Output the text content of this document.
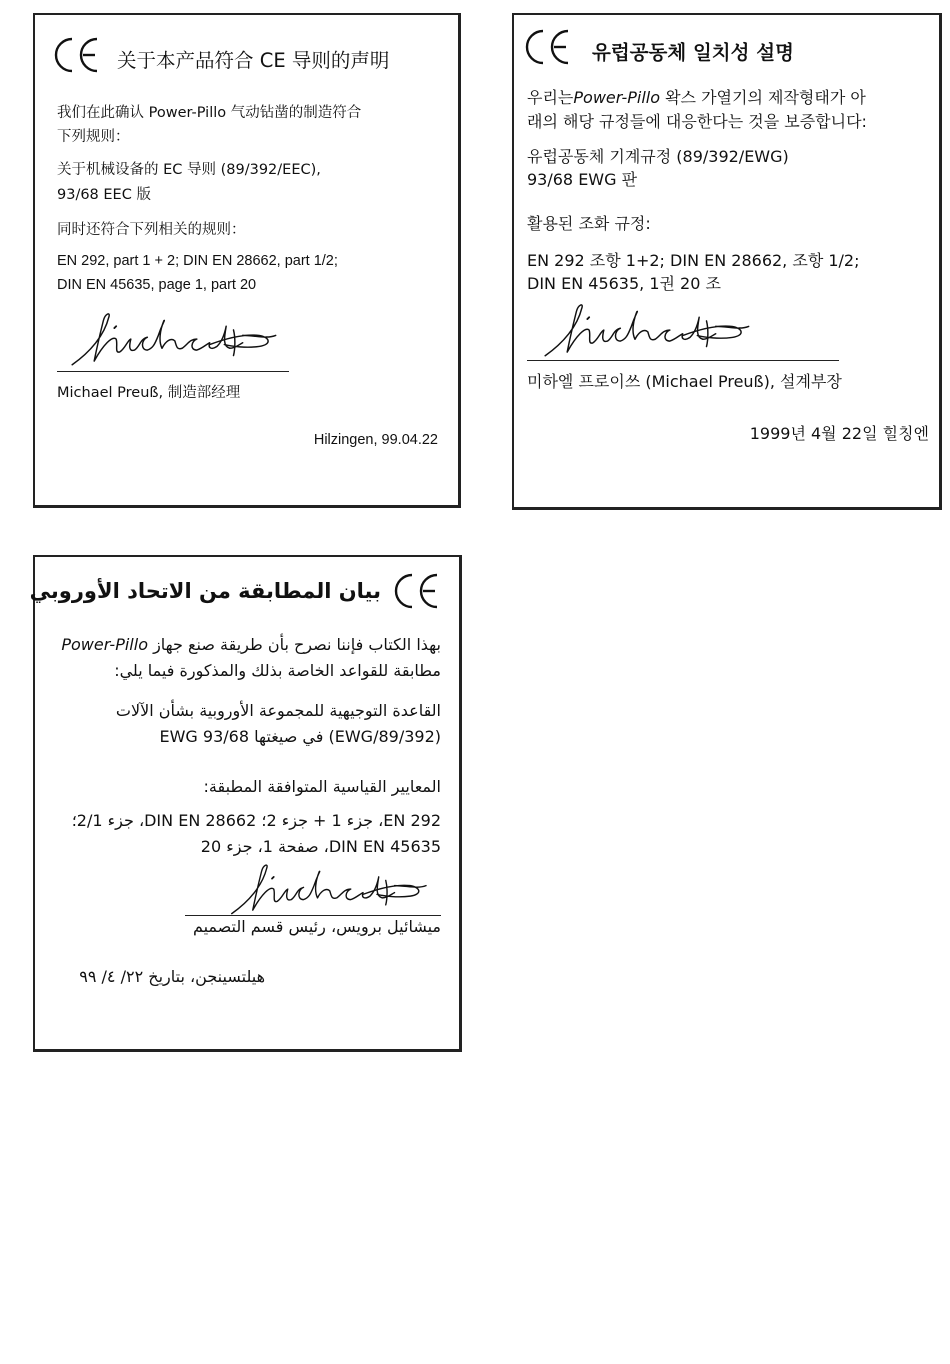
关于本产品符合 CE 导则的声明
我们在此确认 Power-Pillo 气动钻凿的制造符合
下列规则：
关于机械设备的 EC 导则 (89/392/EEC),
93/68 EEC 版
同时还符合下列相关的规则：
EN 292, part 1 + 2; DIN EN 28662, part 1/2;
DIN EN 45635, page 1, part 20
Michael Preuß, 制造部经理
Hilzingen, 99.04.22
유럽공동체 일치성 설명
우리는Power-Pillo 왁스 가열기의 제작형태가 아
래의 해당 규정들에 대응한다는 것을 보증합니다:
유럽공동체 기계규정 (89/392/EWG)
93/68 EWG 판
활용된 조화 규정:
EN 292 조항 1+2; DIN EN 28662, 조항 1/2;
DIN EN 45635, 1권 20 조
미하엘 프로이쓰 (Michael Preuß), 설계부장
1999년 4월 22일 힐칭엔
بيان المطابقة من الاتحاد الأوروبي
بهذا الكتاب فإننا نصرح بأن طريقة صنع جهاز Power-Pillo
مطابقة للقواعد الخاصة بذلك والمذكورة فيما يلي:
القاعدة التوجيهية للمجموعة الأوروبية بشأن الآلات
(89/392/EWG) في صيغتها 93/68 EWG
المعايير القياسية المتوافقة المطبقة:
EN 292، جزء 1 + جزء 2؛ DIN EN 28662، جزء 2/1؛
DIN EN 45635، صفحة 1، جزء 20
ميشائيل برويس، رئيس قسم التصميم
هيلتسينجن، بتاريخ ٢٢/ ٤/ ٩٩
